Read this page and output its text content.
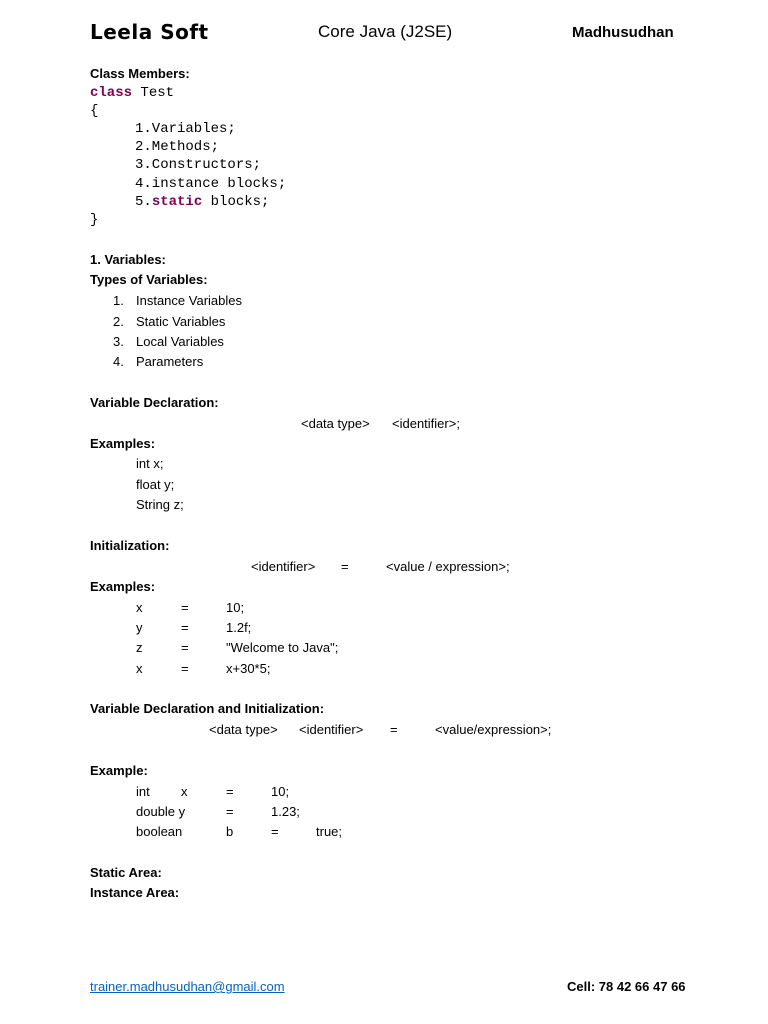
Leela Soft	Core Java (J2SE)	Madhusudhan
Class Members:
class Test
{
1.Variables;
2.Methods;
3.Constructors;
4.instance blocks;
5.static blocks;
}
1. Variables:
Types of Variables:
1. Instance Variables
2. Static Variables
3. Local Variables
4. Parameters
Variable Declaration:
<data type> <identifier>;
Examples:
int x;
float y;
String z;
Initialization:
<identifier> =	<value / expression>;
Examples:
x	=	10;
y	=	1.2f;
z	=	"Welcome to Java";
x	=	x+30*5;
Variable Declaration and Initialization:
<data type> <identifier> =	<value/expression>;
Example:
int x	=	10;
double y	=	1.23;
boolean	b	=	true;
Static Area:
Instance Area:
trainer.madhusudhan@gmail.com	Cell: 78 42 66 47 66
